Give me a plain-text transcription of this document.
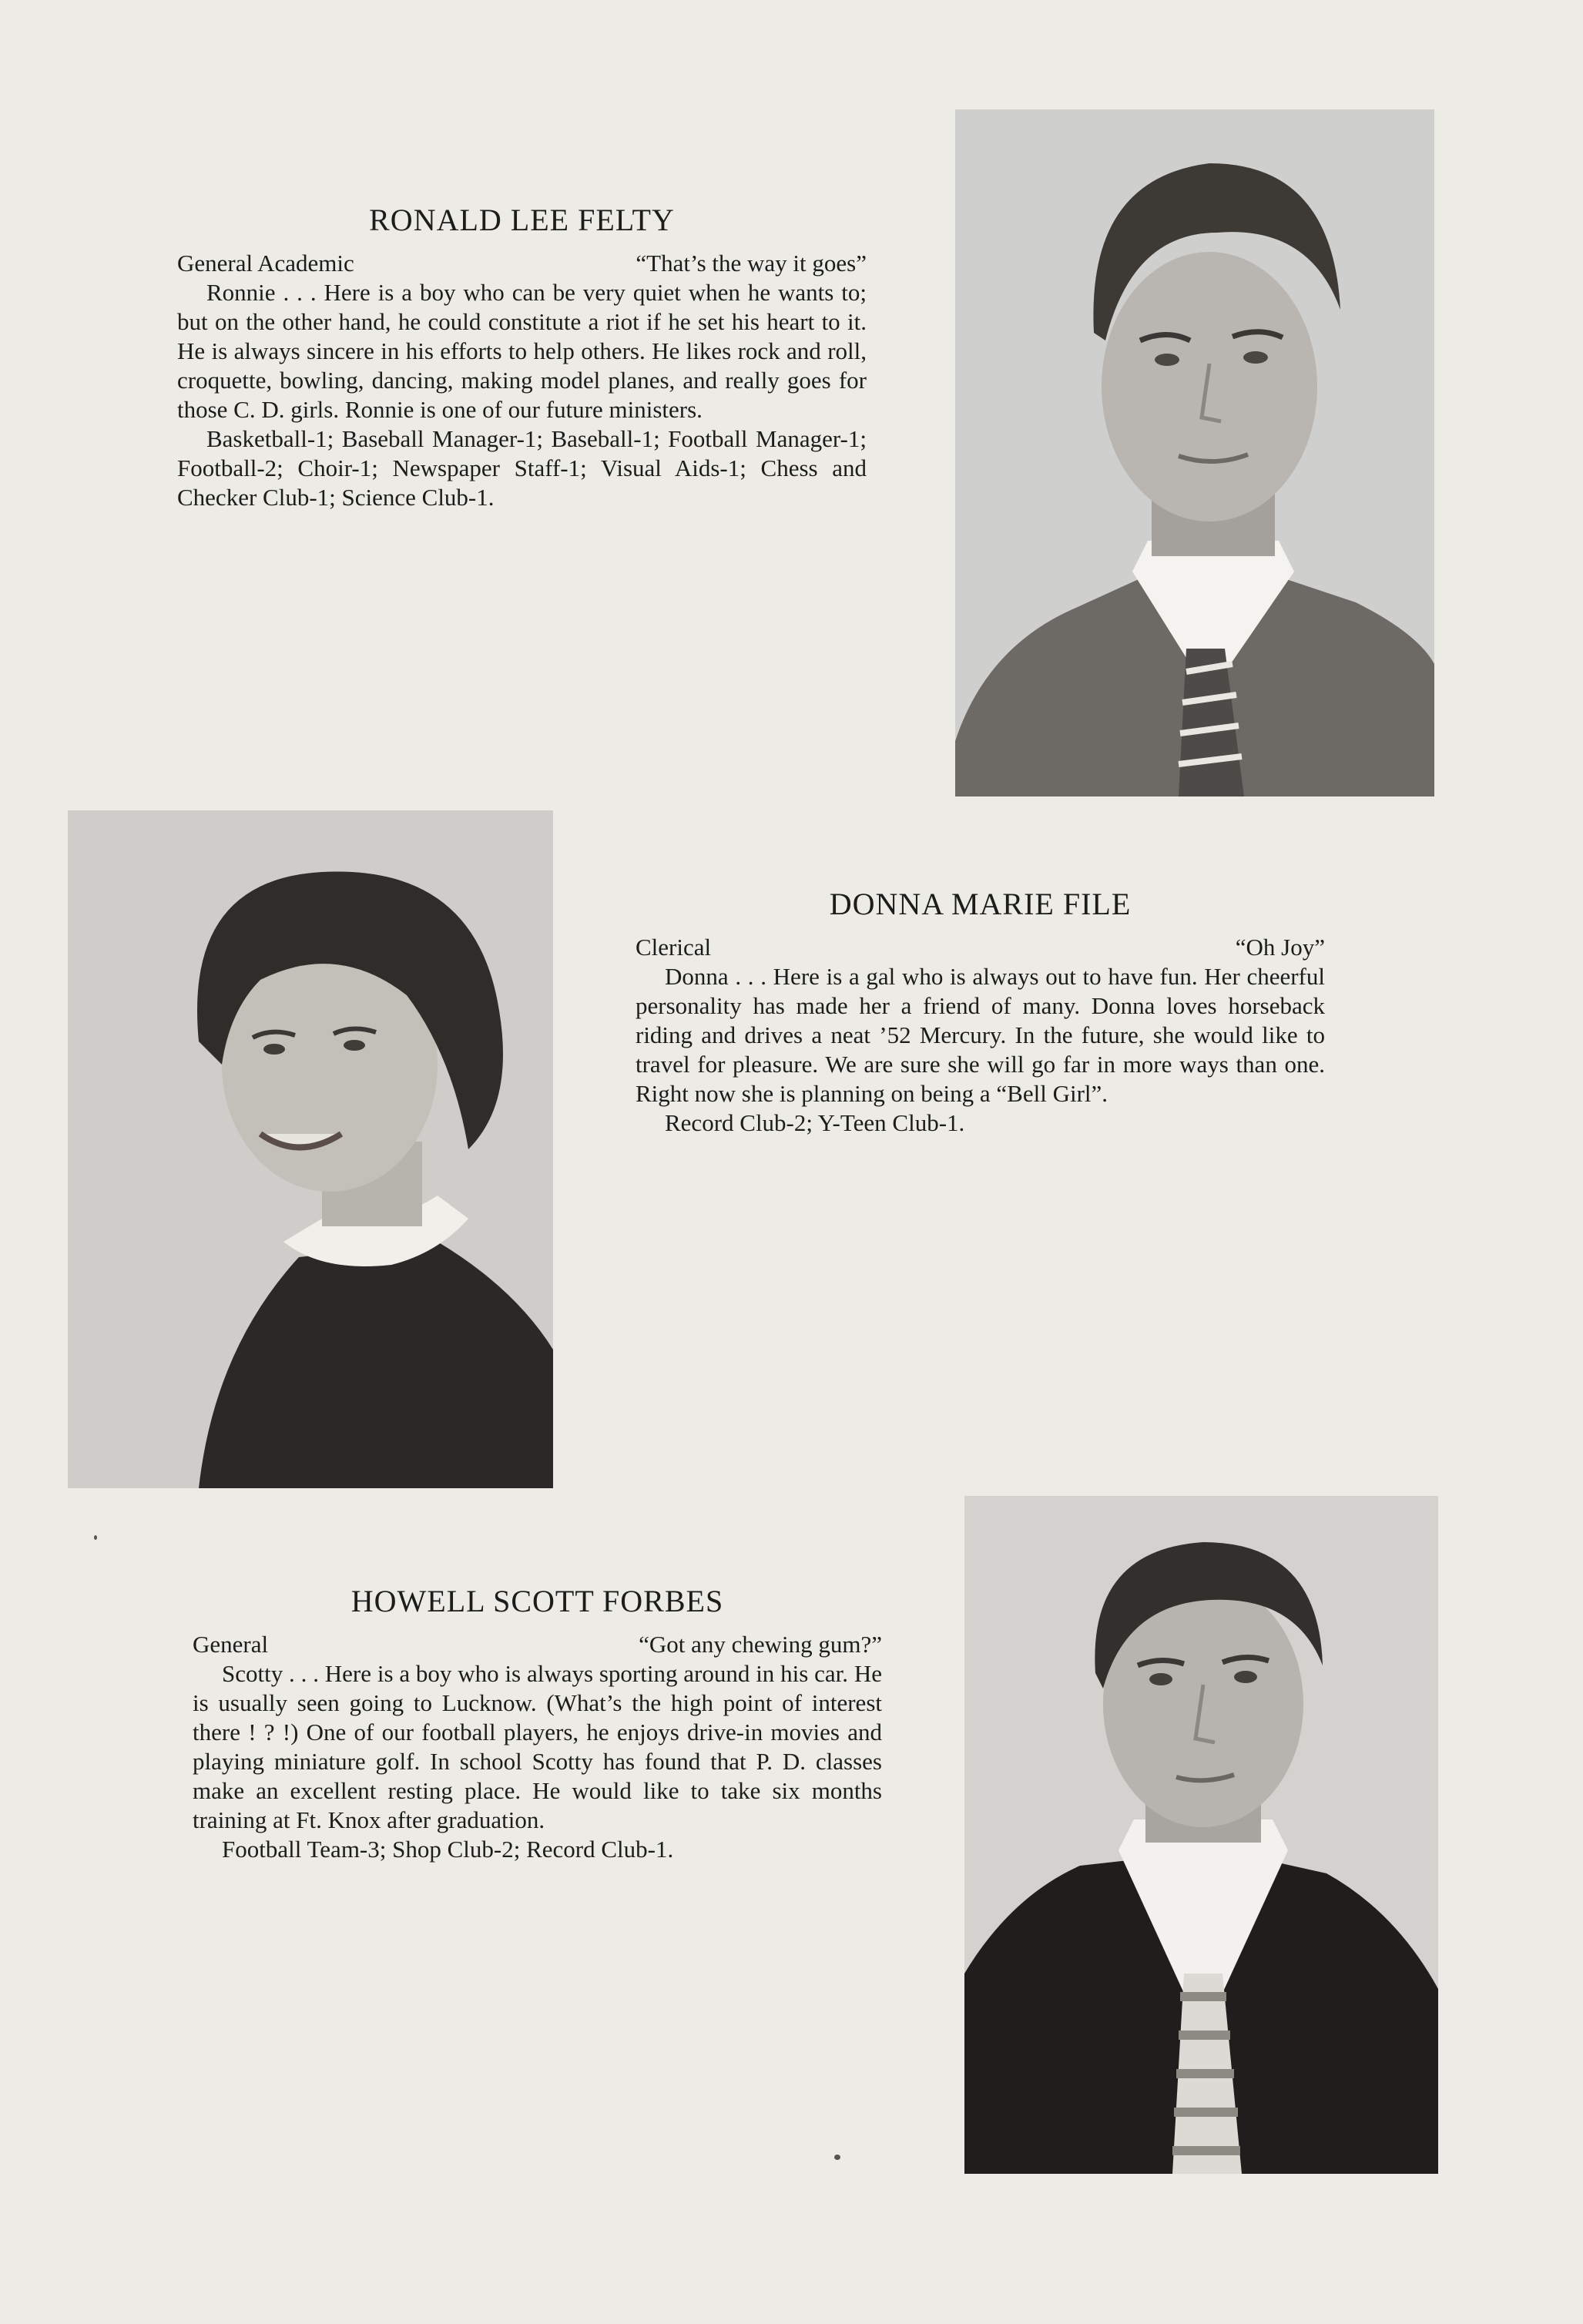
RONALD LEE FELTY
General Academic	“That’s the way it goes”

Ronnie . . . Here is a boy who can be very quiet when he wants to; but on the other hand, he could constitute a riot if he set his heart to it. He is always sincere in his efforts to help others. He likes rock and roll, croquette, bowling, dancing, making model planes, and really goes for those C. D. girls. Ronnie is one of our future ministers.

Basketball-1; Baseball Manager-1; Baseball-1; Football Manager-1; Football-2; Choir-1; Newspaper Staff-1; Visual Aids-1; Chess and Checker Club-1; Science Club-1.

DONNA MARIE FILE
Clerical	“Oh Joy”

Donna . . . Here is a gal who is always out to have fun. Her cheerful personality has made her a friend of many. Donna loves horseback riding and drives a neat ’52 Mercury. In the future, she would like to travel for pleasure. We are sure she will go far in more ways than one. Right now she is planning on being a “Bell Girl”.

Record Club-2; Y-Teen Club-1.

HOWELL SCOTT FORBES
General	“Got any chewing gum?”

Scotty . . . Here is a boy who is always sporting around in his car. He is usually seen going to Lucknow. (What’s the high point of interest there ! ? !) One of our football players, he enjoys drive-in movies and playing miniature golf. In school Scotty has found that P. D. classes make an excellent resting place. He would like to take six months training at Ft. Knox after graduation.

Football Team-3; Shop Club-2; Record Club-1.
